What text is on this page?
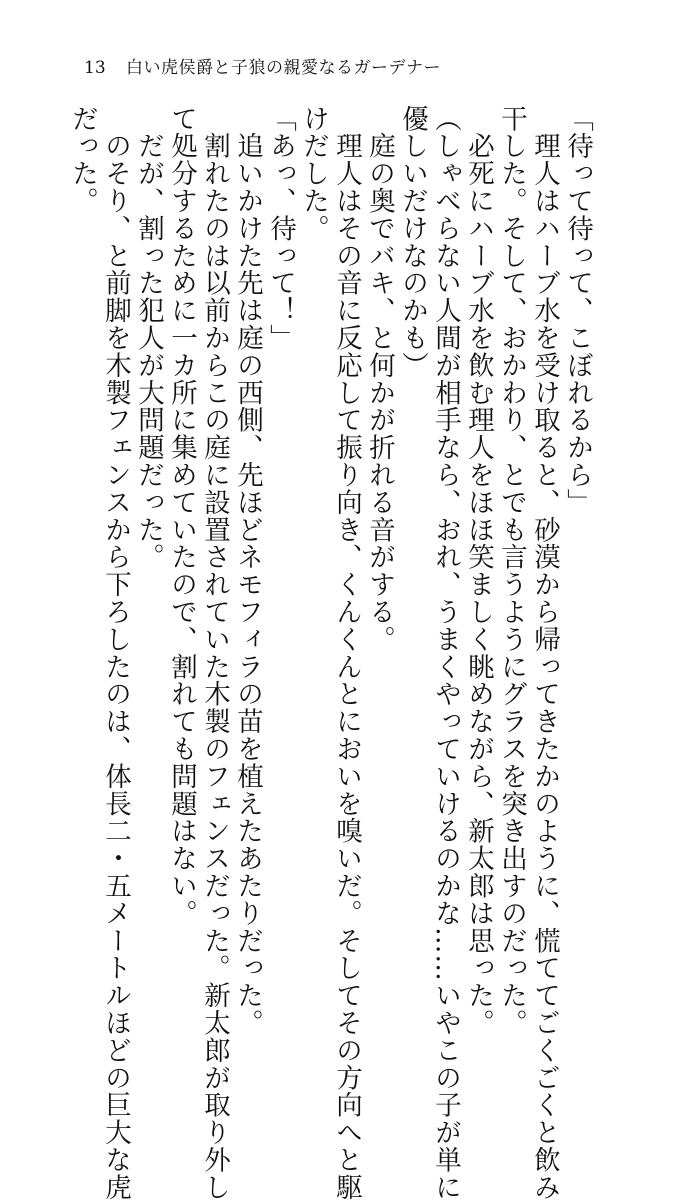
13 白い虎侯爵と子狼の親愛なるガーデナー
「待って待って、こぼれるから」
　理人はハーブ水を受け取ると、砂漠から帰ってきたかのように、慌ててごくごくと飲み
干した。そして、おかわり、とでも言うようにグラスを突き出すのだった。
　必死にハーブ水を飲む理人をほほ笑ましく眺めながら、新太郎は思った。
（しゃべらない人間が相手なら、おれ、うまくやっていけるのかな……いやこの子が単に
優しいだけなのかも）
　庭の奥でバキ、と何かが折れる音がする。
　理人はその音に反応して振り向き、くんくんとにおいを嗅いだ。そしてその方向へと駆
けだした。
「あっ、待って！」
　追いかけた先は庭の西側、先ほどネモフィラの苗を植えたあたりだった。
　割れたのは以前からこの庭に設置されていた木製のフェンスだった。新太郎が取り外し
て処分するために一カ所に集めていたので、割れても問題はない。
　だが、割った犯人が大問題だった。
　のそり、と前脚を木製フェンスから下ろしたのは、体長二・五メートルほどの巨大な虎
だった。
